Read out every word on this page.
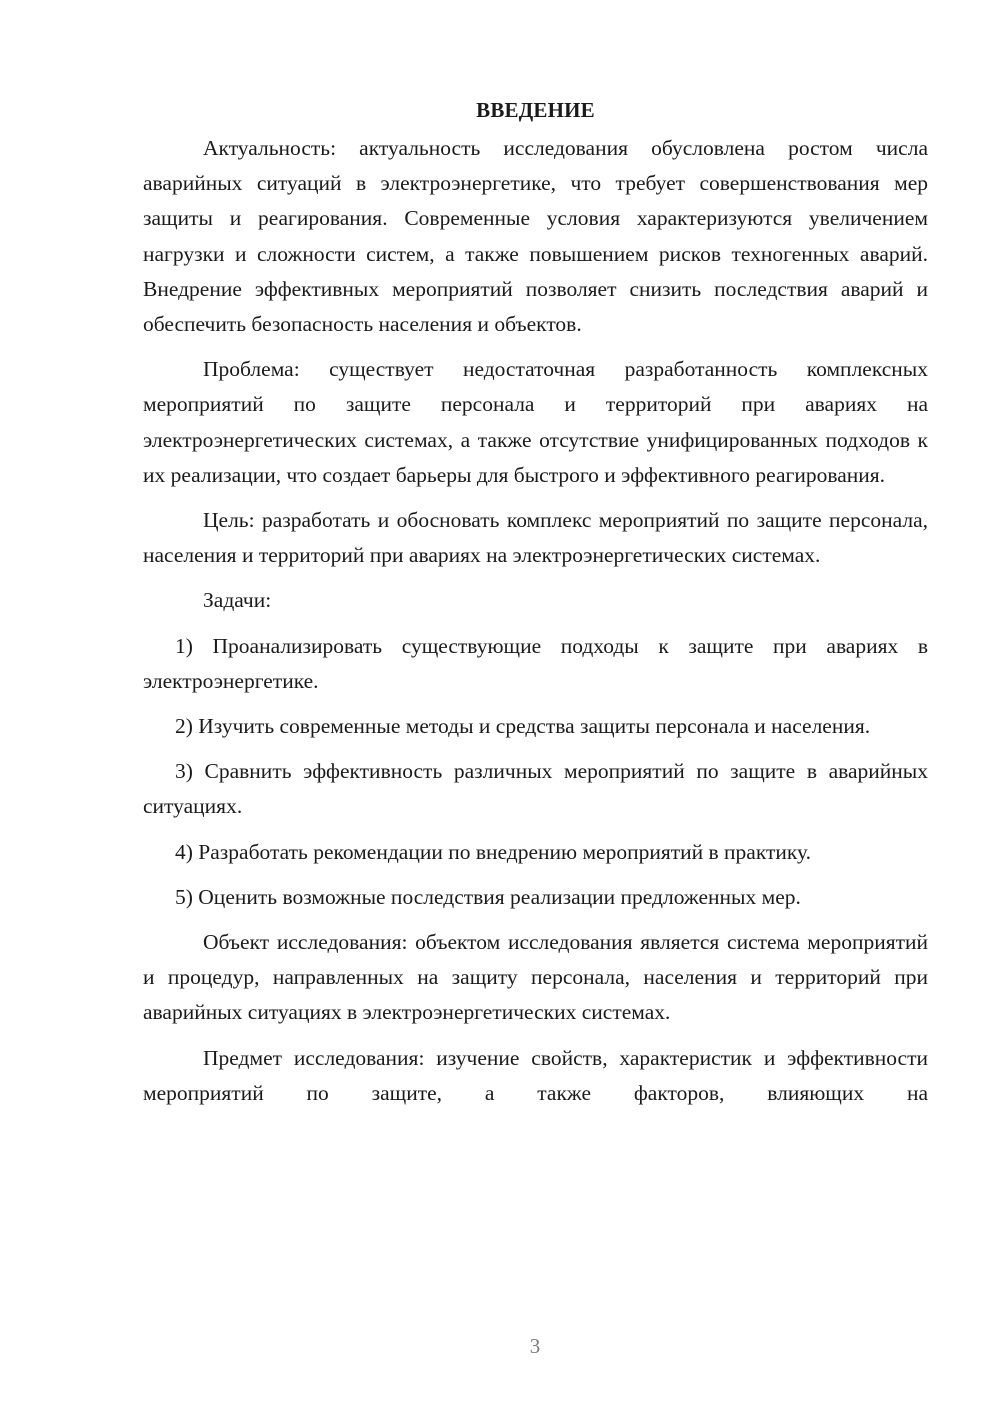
ВВЕДЕНИЕ

Актуальность: актуальность исследования обусловлена ростом числа аварийных ситуаций в электроэнергетике, что требует совершенствования мер защиты и реагирования. Современные условия характеризуются увеличением нагрузки и сложности систем, а также повышением рисков техногенных аварий. Внедрение эффективных мероприятий позволяет снизить последствия аварий и обеспечить безопасность населения и объектов.

Проблема: существует недостаточная разработанность комплексных мероприятий по защите персонала и территорий при авариях на электроэнергетических системах, а также отсутствие унифицированных подходов к их реализации, что создает барьеры для быстрого и эффективного реагирования.

Цель: разработать и обосновать комплекс мероприятий по защите персонала, населения и территорий при авариях на электроэнергетических системах.

Задачи:

1) Проанализировать существующие подходы к защите при авариях в электроэнергетике.

2) Изучить современные методы и средства защиты персонала и населения.

3) Сравнить эффективность различных мероприятий по защите в аварийных ситуациях.

4) Разработать рекомендации по внедрению мероприятий в практику.

5) Оценить возможные последствия реализации предложенных мер.

Объект исследования: объектом исследования является система мероприятий и процедур, направленных на защиту персонала, населения и территорий при аварийных ситуациях в электроэнергетических системах.

Предмет исследования: изучение свойств, характеристик и эффективности мероприятий по защите, а также факторов, влияющих на

3
